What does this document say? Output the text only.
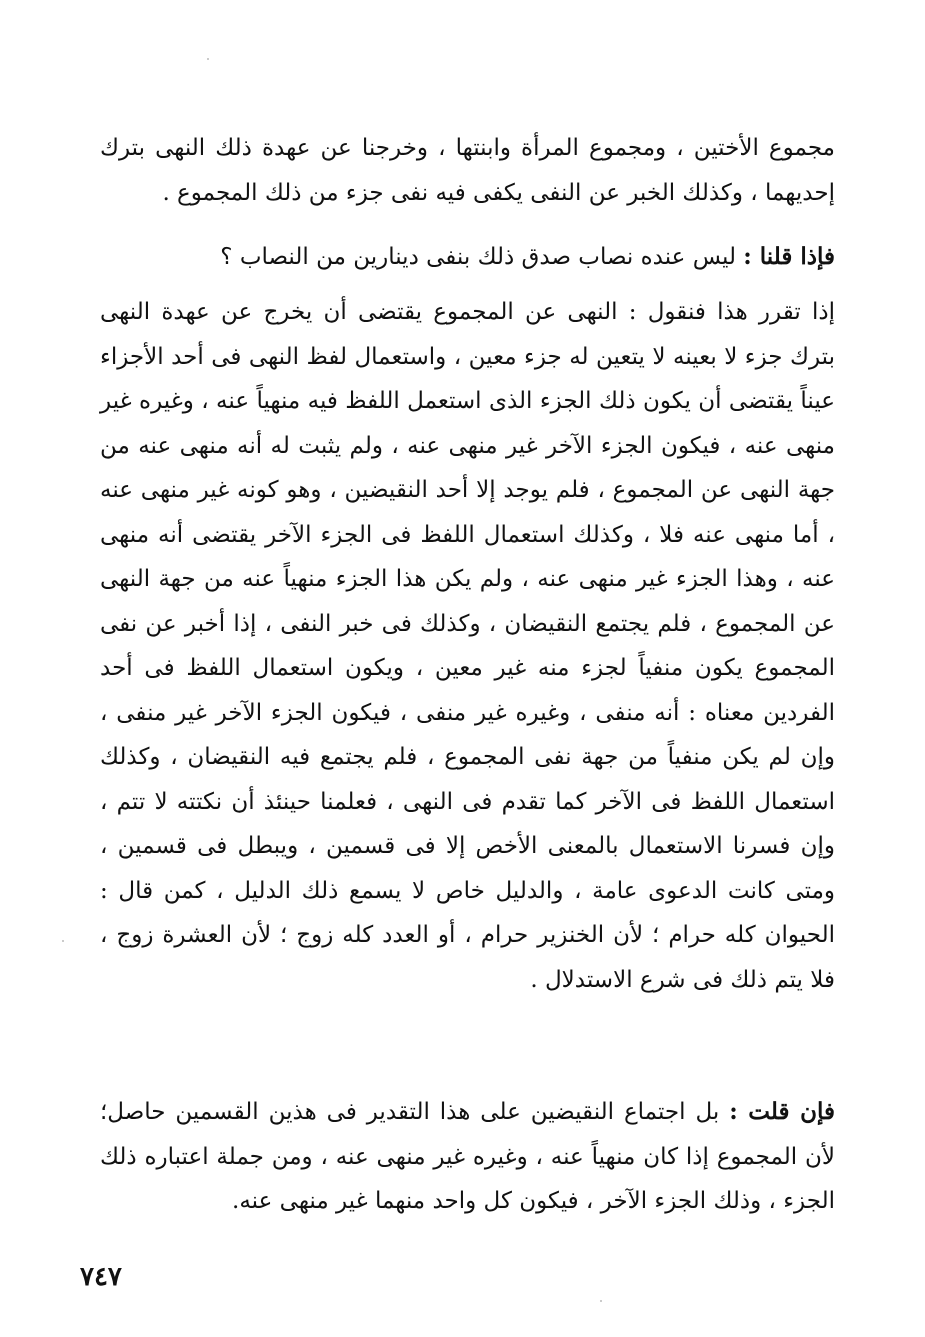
مجموع الأختين ، ومجموع المرأة وابنتها ، وخرجنا عن عهدة ذلك النهى بترك إحديهما ، وكذلك الخبر عن النفى يكفى فيه نفى جزء من ذلك المجموع .

فإذا قلنا : ليس عنده نصاب صدق ذلك بنفى دينارين من النصاب ؟

إذا تقرر هذا فنقول : النهى عن المجموع يقتضى أن يخرج عن عهدة النهى بترك جزء لا بعينه لا يتعين له جزء معين ، واستعمال لفظ النهى فى أحد الأجزاء عيناً يقتضى أن يكون ذلك الجزء الذى استعمل اللفظ فيه منهياً عنه ، وغيره غير منهى عنه ، فيكون الجزء الآخر غير منهى عنه ، ولم يثبت له أنه منهى عنه من جهة النهى عن المجموع ، فلم يوجد إلا أحد النقيضين ، وهو كونه غير منهى عنه ، أما منهى عنه فلا ، وكذلك استعمال اللفظ فى الجزء الآخر يقتضى أنه منهى عنه ، وهذا الجزء غير منهى عنه ، ولم يكن هذا الجزء منهياً عنه من جهة النهى عن المجموع ، فلم يجتمع النقيضان ، وكذلك فى خبر النفى ، إذا أخبر عن نفى المجموع يكون منفياً لجزء منه غير معين ، ويكون استعمال اللفظ فى أحد الفردين معناه : أنه منفى ، وغيره غير منفى ، فيكون الجزء الآخر غير منفى ، وإن لم يكن منفياً من جهة نفى المجموع ، فلم يجتمع فيه النقيضان ، وكذلك استعمال اللفظ فى الآخر كما تقدم فى النهى ، فعلمنا حينئذ أن نكتته لا تتم ، وإن فسرنا الاستعمال بالمعنى الأخص إلا فى قسمين ، ويبطل فى قسمين ، ومتى كانت الدعوى عامة ، والدليل خاص لا يسمع ذلك الدليل ، كمن قال : الحيوان كله حرام ؛ لأن الخنزير حرام ، أو العدد كله زوج ؛ لأن العشرة زوج ، فلا يتم ذلك فى شرع الاستدلال .

فإن قلت : بل اجتماع النقيضين على هذا التقدير فى هذين القسمين حاصل؛ لأن المجموع إذا كان منهياً عنه ، وغيره غير منهى عنه ، ومن جملة اعتباره ذلك الجزء ، وذلك الجزء الآخر ، فيكون كل واحد منهما غير منهى عنه.

٧٤٧
